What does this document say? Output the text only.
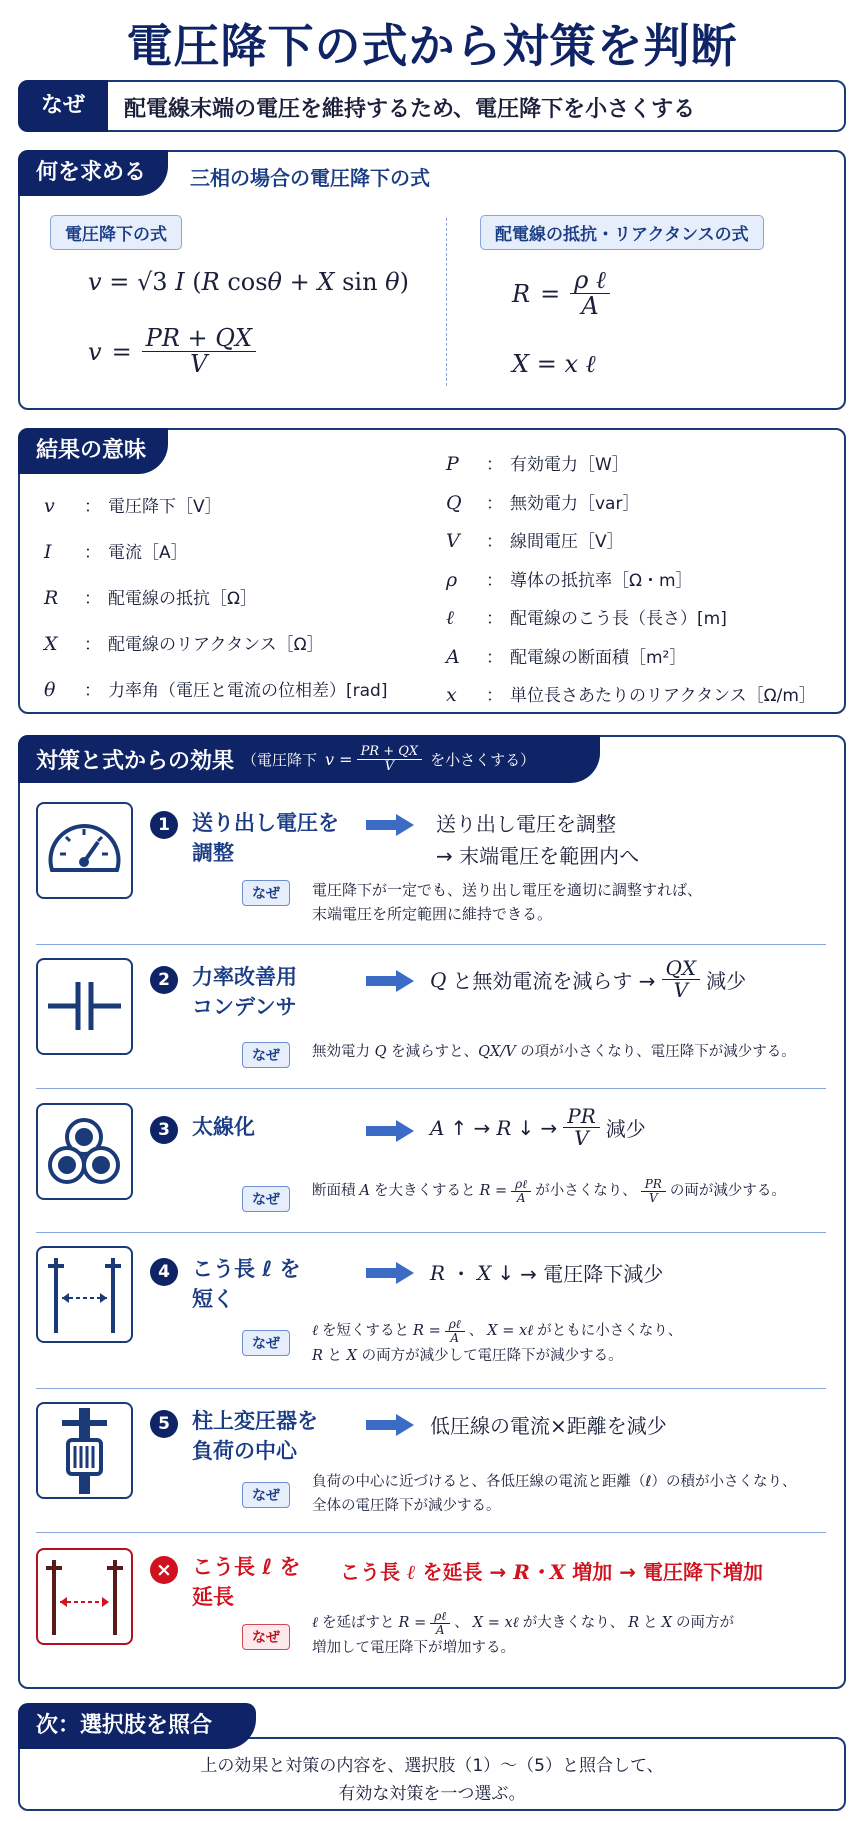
電圧降下の式から対策を判断
なぜ	配電線末端の電圧を維持するため、電圧降下を小さくする
何を求める	三相の場合の電圧降下の式
電圧降下の式	配電線の抵抗・リアクタンスの式
v = √3 I (R cosθ + X sin θ)
$v = \frac{PR + QX}{V}$
$R = \frac{\text{ρ ℓ}}{A}$
X = x ℓ
結果の意味
v ： 電圧降下［V］
I ： 電流［A］
R ： 配電線の抵抗［Ω］
X ： 配電線のリアクタンス［Ω］
θ ： 力率角（電圧と電流の位相差）[rad]
P ： 有効電力［W］
Q ： 無効電力［var］
V ： 線間電圧［V］
ρ ： 導体の抵抗率［Ω・m］
ℓ ： 配電線のこう長（長さ）[m]
A ： 配電線の断面積［m²］
x ： 単位長さあたりのリアクタンス［Ω/m］
対策と式からの効果 （電圧降下 $v = \frac{PR + QX}{V}$ を小さくする）
1	送り出し電圧を
調整
送り出し電圧を調整
→ 末端電圧を範囲内へ
なぜ	電圧降下が一定でも、送り出し電圧を適切に調整すれば、
末端電圧を所定範囲に維持できる。
2	力率改善用
コンデンサ
Q と無効電流を減らす → $\frac{QX}{V}$ 減少
なぜ	無効電力 Q を減らすと、QX/V の項が小さくなり、電圧降下が減少する。
3	太線化	A ↑ → R ↓ → $\frac{PR}{V}$ 減少
なぜ
断面積 A を大きくすると $R = \frac{\text{ρℓ}}{A}$ が小さくなり、 $\frac{PR}{V}$ の両が減少する。
4	こう長 ℓ を
短く
R ・ X ↓ → 電圧降下減少
なぜ
ℓ を短くすると $R = \frac{\text{ρℓ}}{A}$ 、 X = xℓ がともに小さくなり、
R と X の両方が減少して電圧降下が減少する。
5	柱上変圧器を
負荷の中心
低圧線の電流×距離を減少
なぜ
負荷の中心に近づけると、各低圧線の電流と距離（ℓ）の積が小さくなり、
全体の電圧降下が減少する。
× こう長 ℓ を
延長
こう長 ℓ を延長 → R・X 増加 → 電圧降下増加
なぜ
ℓ を延ばすと $R = \frac{\text{ρℓ}}{A}$ 、 X = xℓ が大きくなり、 R と X の両方が
増加して電圧降下が増加する。
次：選択肢を照合
上の効果と対策の内容を、選択肢（1）〜（5）と照合して、
有効な対策を一つ選ぶ。
